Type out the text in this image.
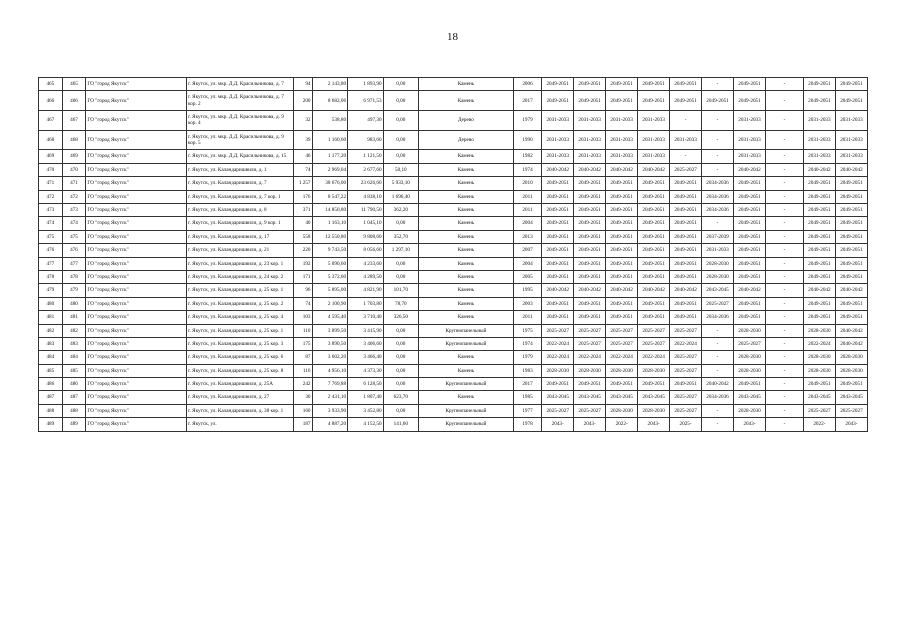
18
465	465	ГО "город Якутск"	г. Якутск, ул. мкр. Д.Д. Красильникова, д. 7	94	2 143,80	1 893,90	0,00	Камень	2006	2049-2051	2049-2051	2049-2051	2049-2051	2049-2051	-	2049-2051	-	2049-2051	2049-2051
466	466	ГО "город Якутск"	г. Якутск, ул. мкр. Д.Д. Красильникова, д. 7 кор. 2	200	8 682,06	6 971,53	0,00	Камень	2017	2049-2051	2049-2051	2049-2051	2049-2051	2049-2051	2049-2051	2049-2051	-	2049-2051	2049-2051
467	467	ГО "город Якутск"	г. Якутск, ул. мкр. Д.Д. Красильникова, д. 9 кор. 4	32	538,80	497,30	0,00	Дерево	1979	2031-2033	2031-2033	2031-2033	2031-2033	-	-	2031-2033	-	2031-2033	2031-2033
468	468	ГО "город Якутск"	г. Якутск, ул. мкр. Д.Д. Красильникова, д. 9 кор. 5	39	1 160,60	983,60	0,00	Дерево	1990	2031-2033	2031-2033	2031-2033	2031-2033	2031-2033	-	2031-2033	-	2031-2033	2031-2033
469	469	ГО "город Якутск"	г. Якутск, ул. мкр. Д.Д. Красильникова, д. 15	46	1 177,20	1 121,50	0,00	Камень	1982	2031-2033	2031-2033	2031-2033	2031-2033	-	-	2031-2033	-	2031-2033	2031-2033
470	470	ГО "город Якутск"	г. Якутск, ул. Каландаришвили, д. 1	74	2 969,04	2 677,60	50,10	Камень	1974	2040-2042	2040-2042	2040-2042	2040-2042	2025-2027	-	2040-2042	-	2040-2042	2040-2042
471	471	ГО "город Якутск"	г. Якутск, ул. Каландаришвили, д. 7	1 257	38 676,00	23 626,60	5 933,10	Камень	2010	2049-2051	2049-2051	2049-2051	2049-2051	2049-2051	2034-2036	2049-2051	-	2049-2051	2049-2051
472	472	ГО "город Якутск"	г. Якутск, ул. Каландаришвили, д. 7 кор. 1	176	8 547,22	4 838,10	1 696,40	Камень	2011	2049-2051	2049-2051	2049-2051	2049-2051	2049-2051	2034-2036	2049-2051	-	2049-2051	2049-2051
473	473	ГО "город Якутск"	г. Якутск, ул. Каландаришвили, д. 8	371	14 850,80	11 790,50	362,20	Камень	2011	2049-2051	2049-2051	2049-2051	2049-2051	2049-2051	2034-2036	2049-2051	-	2049-2051	2049-2051
474	474	ГО "город Якутск"	г. Якутск, ул. Каландаришвили, д. 9 кор. 1	40	1 163,10	1 045,10	0,00	Камень	2004	2049-2051	2049-2051	2049-2051	2049-2051	2049-2051	-	2049-2051	-	2049-2051	2049-2051
475	475	ГО "город Якутск"	г. Якутск, ул. Каландаришвили, д. 17	558	12 550,80	9 808,60	352,70	Камень	2013	2049-2051	2049-2051	2049-2051	2049-2051	2049-2051	2037-2039	2049-2051	-	2049-2051	2049-2051
476	476	ГО "город Якутск"	г. Якутск, ул. Каландаришвили, д. 21	220	9 743,50	8 056,60	1 297,10	Камень	2007	2049-2051	2049-2051	2049-2051	2049-2051	2049-2051	2031-2033	2049-2051	-	2049-2051	2049-2051
477	477	ГО "город Якутск"	г. Якутск, ул. Каландаришвили, д. 23 кор. 1	192	5 090,60	4 233,60	0,00	Камень	2004	2049-2051	2049-2051	2049-2051	2049-2051	2049-2051	2028-2030	2049-2051	-	2049-2051	2049-2051
478	478	ГО "город Якутск"	г. Якутск, ул. Каландаришвили, д. 24 кор. 2	171	5 372,60	4 289,50	0,00	Камень	2005	2049-2051	2049-2051	2049-2051	2049-2051	2049-2051	2028-2030	2049-2051	-	2049-2051	2049-2051
479	479	ГО "город Якутск"	г. Якутск, ул. Каландаришвили, д. 25 кор. 1	96	5 895,00	4 821,90	101,70	Камень	1995	2040-2042	2040-2042	2040-2042	2040-2042	2040-2042	2043-2045	2040-2042	-	2040-2042	2040-2042
480	480	ГО "город Якутск"	г. Якутск, ул. Каландаришвили, д. 25 кор. 2	74	2 100,90	1 703,80	78,70	Камень	2003	2049-2051	2049-2051	2049-2051	2049-2051	2049-2051	2025-2027	2049-2051	-	2049-2051	2049-2051
481	481	ГО "город Якутск"	г. Якутск, ул. Каландаришвили, д. 25 кор. 4	103	4 595,40	3 710,40	326,50	Камень	2011	2049-2051	2049-2051	2049-2051	2049-2051	2049-2051	2034-2036	2049-2051	-	2049-2051	2049-2051
482	482	ГО "город Якутск"	г. Якутск, ул. Каландаришвили, д. 25 кор. 1	110	3 899,50	3 415,90	0,00	Крупнопанельный	1975	2025-2027	2025-2027	2025-2027	2025-2027	2025-2027	-	2028-2030	-	2028-2030	2040-2042
483	483	ГО "город Якутск"	г. Якутск, ул. Каландаришвили, д. 25 кор. 3	175	3 890,50	3 406,60	0,00	Крупнопанельный	1974	2022-2024	2025-2027	2025-2027	2025-2027	2022-2024	-	2025-2027	-	2022-2024	2040-2042
484	484	ГО "город Якутск"	г. Якутск, ул. Каландаришвили, д. 25 кор. 6	87	3 602,20	3 466,40	0,00	Камень	1979	2022-2024	2022-2024	2022-2024	2022-2024	2025-2027	-	2028-2030	-	2028-2030	2028-2030
485	485	ГО "город Якутск"	г. Якутск, ул. Каландаришвили, д. 25 кор. 8	116	4 956,10	4 373,30	0,00	Камень	1983	2028-2030	2028-2030	2028-2030	2028-2030	2025-2027	-	2028-2030	-	2028-2030	2028-2030
486	486	ГО "город Якутск"	г. Якутск, ул. Каландаришвили, д. 25А	242	7 769,88	6 128,50	0,00	Крупнопанельный	2017	2049-2051	2049-2051	2049-2051	2049-2051	2049-2051	2040-2042	2049-2051	-	2049-2051	2049-2051
487	487	ГО "город Якутск"	г. Якутск, ул. Каландаришвили, д. 27	30	2 431,10	1 807,40	623,70	Камень	1985	2043-2045	2043-2045	2043-2045	2043-2045	2025-2027	2034-2036	2043-2045	-	2043-2045	2043-2045
488	488	ГО "город Якутск"	г. Якутск, ул. Каландаришвили, д. 38 кор. 1	160	3 933,90	3 452,80	0,00	Крупнопанельный	1977	2025-2027	2025-2027	2028-2030	2028-2030	2025-2027	-	2028-2030	-	2025-2027	2025-2027
489	489	ГО "город Якутск"	г. Якутск, ул.	187	4 887,20	4 152,50	141,60	Крупнопанельный	1978	2043-	2043-	2022-	2043-	2025-	-	2043-	-	2022-	2043-
